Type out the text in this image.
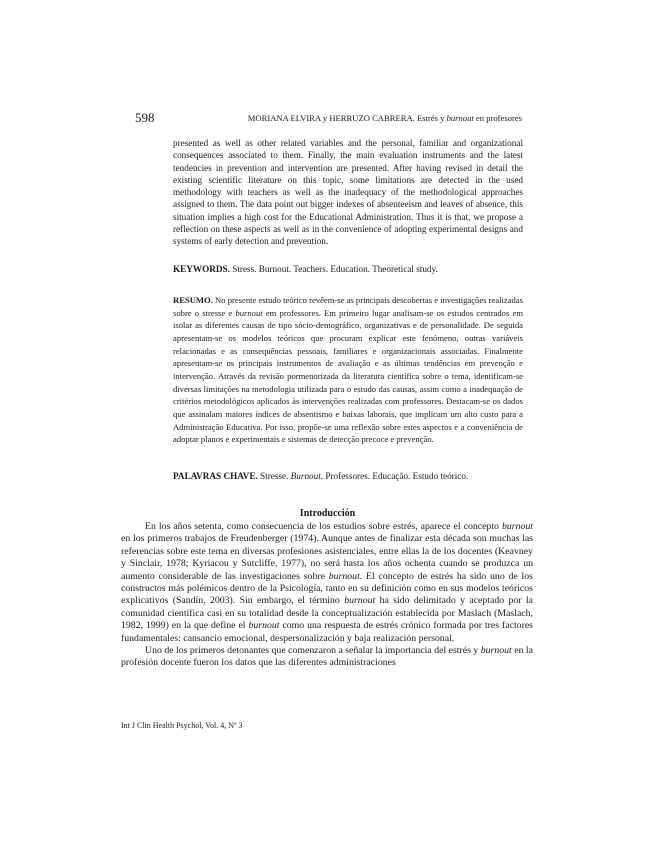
598	MORIANA ELVIRA y HERRUZO CABRERA. Estrés y burnout en profesores

presented as well as other related variables and the personal, familiar and organizational consequences associated to them. Finally, the main evaluation instruments and the latest tendencies in prevention and intervention are presented. After having revised in detail the existing scientific literature on this topic, some limitations are detected in the used methodology with teachers as well as the inadequacy of the methodological approaches assigned to them. The data point out bigger indexes of absenteeism and leaves of absence, this situation implies a high cost for the Educational Administration. Thus it is that, we propose a reflection on these aspects as well as in the convenience of adopting experimental designs and systems of early detection and prevention.

KEYWORDS. Stress. Burnout. Teachers. Education. Theoretical study.

RESUMO. No presente estudo teórico revêem-se as principais descobertas e investigações realizadas sobre o stresse e burnout em professores. Em primeiro lugar analisam-se os estudos centrados em isolar as diferentes causas de tipo sócio-demográfico, organizativas e de personalidade. De seguida apresentam-se os modelos teóricos que procuram explicar este fenómeno, outras variáveis relacionadas e as consequências pessoais, familiares e organizacionais associadas. Finalmente apresentam-se os principais instrumentos de avaliação e as últimas tendências em prevenção e intervenção. Através da revisão pormenorizada da literatura científica sobre o tema, identificam-se diversas limitações na metodologia utilizada para o estudo das causas, assim como a inadequação de critérios metodológicos aplicados às intervenções realizadas com professores. Destacam-se os dados que assinalam maiores índices de absentismo e baixas laborais, que implicam um alto custo para a Administração Educativa. Por isso, propõe-se uma reflexão sobre estes aspectos e a conveniência de adoptar planos e experimentais e sistemas de detecção precoce e prevenção.

PALAVRAS CHAVE. Stresse. Burnout. Professores. Educação. Estudo teórico.

Introducción

En los años setenta, como consecuencia de los estudios sobre estrés, aparece el concepto burnout en los primeros trabajos de Freudenberger (1974). Aunque antes de finalizar esta década son muchas las referencias sobre este tema en diversas profesiones asistenciales, entre ellas la de los docentes (Keavney y Sinclair, 1978; Kyriacou y Sutcliffe, 1977), no será hasta los años ochenta cuando se produzca un aumento considerable de las investigaciones sobre burnout. El concepto de estrés ha sido uno de los constructos más polémicos dentro de la Psicología, tanto en su definición como en sus modelos teóricos explicativos (Sandín, 2003). Sin embargo, el término burnout ha sido delimitado y aceptado por la comunidad científica casi en su totalidad desde la conceptualización establecida por Maslach (Maslach, 1982, 1999) en la que define el burnout como una respuesta de estrés crónico formada por tres factores fundamentales: cansancio emocional, despersonalización y baja realización personal.

Uno de los primeros detonantes que comenzaron a señalar la importancia del estrés y burnout en la profesión docente fueron los datos que las diferentes administraciones

Int J Clin Health Psychol, Vol. 4, Nº 3
